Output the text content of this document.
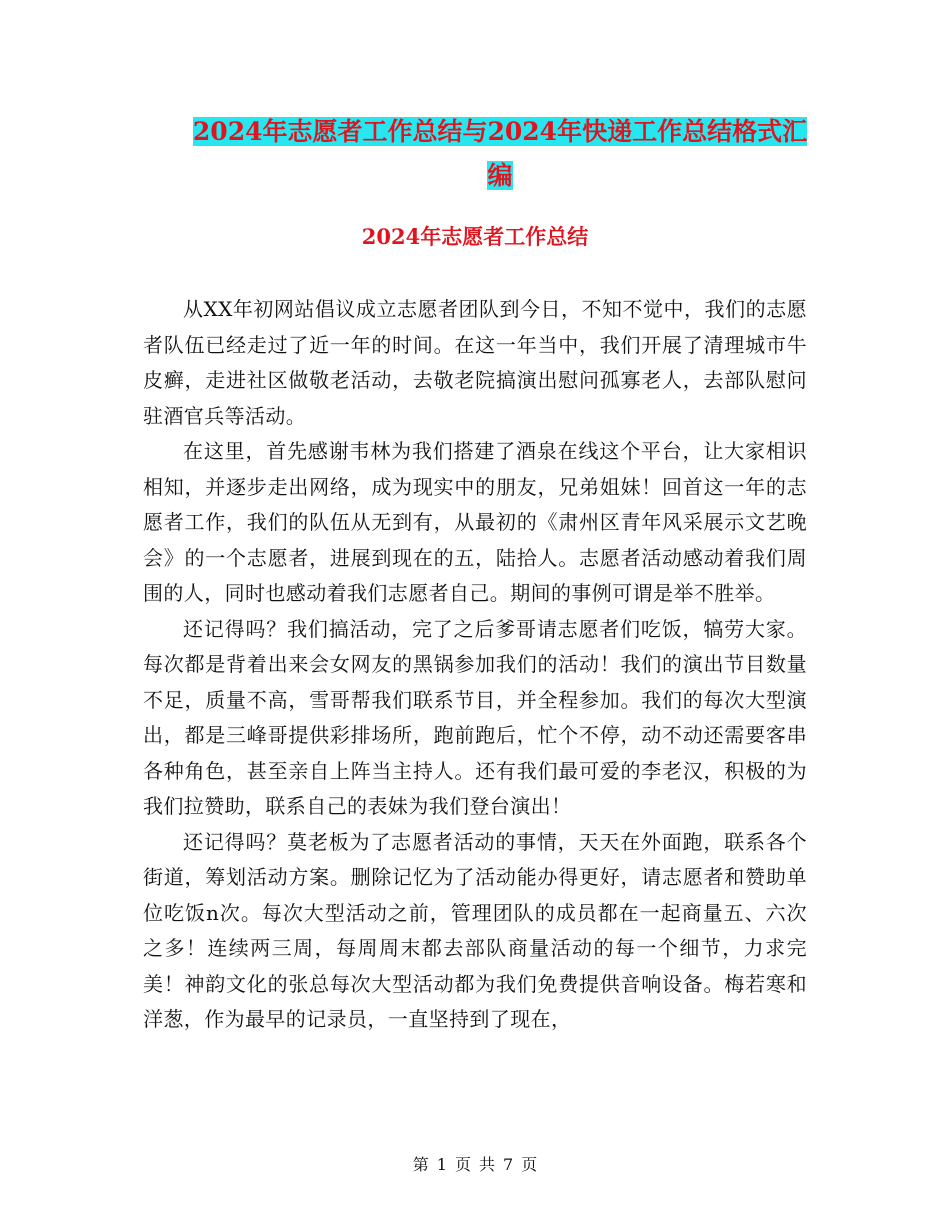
2024年志愿者工作总结与2024年快递工作总结格式汇编
2024年志愿者工作总结

从XX年初网站倡议成立志愿者团队到今日，不知不觉中，我们的志愿者队伍已经走过了近一年的时间。在这一年当中，我们开展了清理城市牛皮癣，走进社区做敬老活动，去敬老院搞演出慰问孤寡老人，去部队慰问驻酒官兵等活动。

在这里，首先感谢韦林为我们搭建了酒泉在线这个平台，让大家相识相知，并逐步走出网络，成为现实中的朋友，兄弟姐妹！回首这一年的志愿者工作，我们的队伍从无到有，从最初的《肃州区青年风采展示文艺晚会》的一个志愿者，进展到现在的五，陆拾人。志愿者活动感动着我们周围的人，同时也感动着我们志愿者自己。期间的事例可谓是举不胜举。

还记得吗？我们搞活动，完了之后爹哥请志愿者们吃饭，犒劳大家。每次都是背着出来会女网友的黑锅参加我们的活动！我们的演出节目数量不足，质量不高，雪哥帮我们联系节目，并全程参加。我们的每次大型演出，都是三峰哥提供彩排场所，跑前跑后，忙个不停，动不动还需要客串各种角色，甚至亲自上阵当主持人。还有我们最可爱的李老汉，积极的为我们拉赞助，联系自己的表妹为我们登台演出！

还记得吗？莫老板为了志愿者活动的事情，天天在外面跑，联系各个街道，筹划活动方案。删除记忆为了活动能办得更好，请志愿者和赞助单位吃饭n次。每次大型活动之前，管理团队的成员都在一起商量五、六次之多！连续两三周，每周周末都去部队商量活动的每一个细节，力求完美！神韵文化的张总每次大型活动都为我们免费提供音响设备。梅若寒和洋葱，作为最早的记录员，一直坚持到了现在，

第 1 页 共 7 页
